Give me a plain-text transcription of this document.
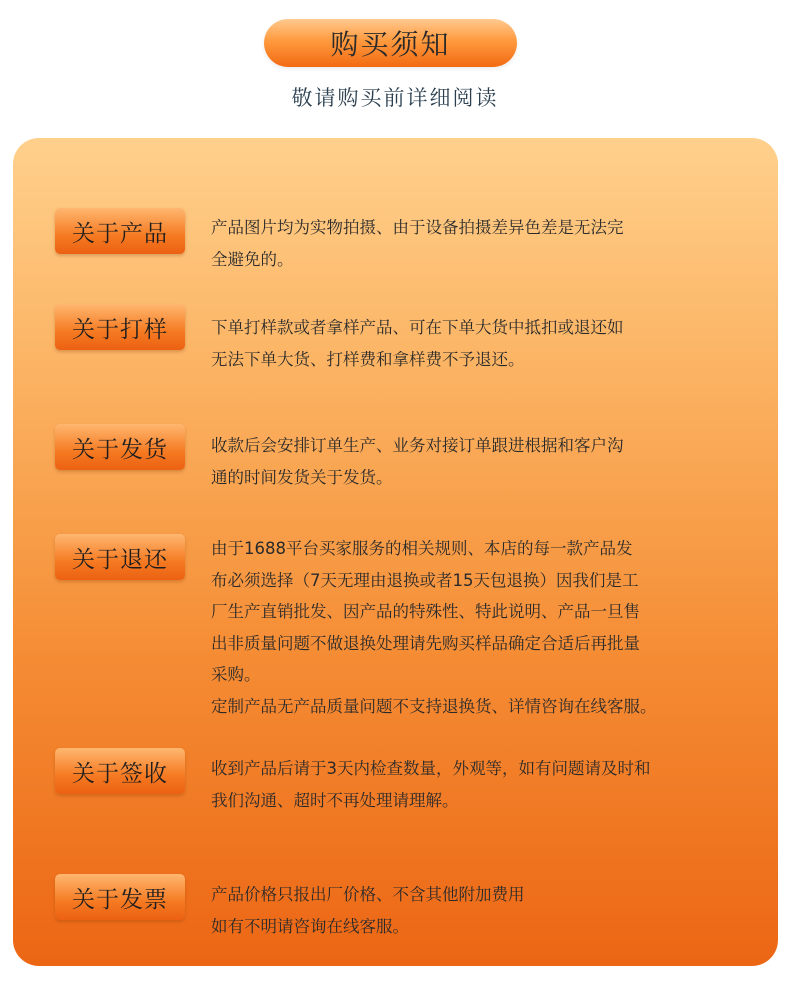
购买须知
敬请购买前详细阅读
关于产品	产品图片均为实物拍摄、由于设备拍摄差异色差是无法完
全避免的。
关于打样	下单打样款或者拿样产品、可在下单大货中抵扣或退还如
无法下单大货、打样费和拿样费不予退还。
关于发货	收款后会安排订单生产、业务对接订单跟进根据和客户沟
通的时间发货关于发货。
关于退还	由于1688平台买家服务的相关规则、本店的每一款产品发
布必须选择（7天无理由退换或者15天包退换）因我们是工
厂生产直销批发、因产品的特殊性、特此说明、产品一旦售
出非质量问题不做退换处理请先购买样品确定合适后再批量
采购。
定制产品无产品质量问题不支持退换货、详情咨询在线客服。
关于签收	收到产品后请于3天内检查数量，外观等，如有问题请及时和
我们沟通、超时不再处理请理解。
关于发票	产品价格只报出厂价格、不含其他附加费用
如有不明请咨询在线客服。
